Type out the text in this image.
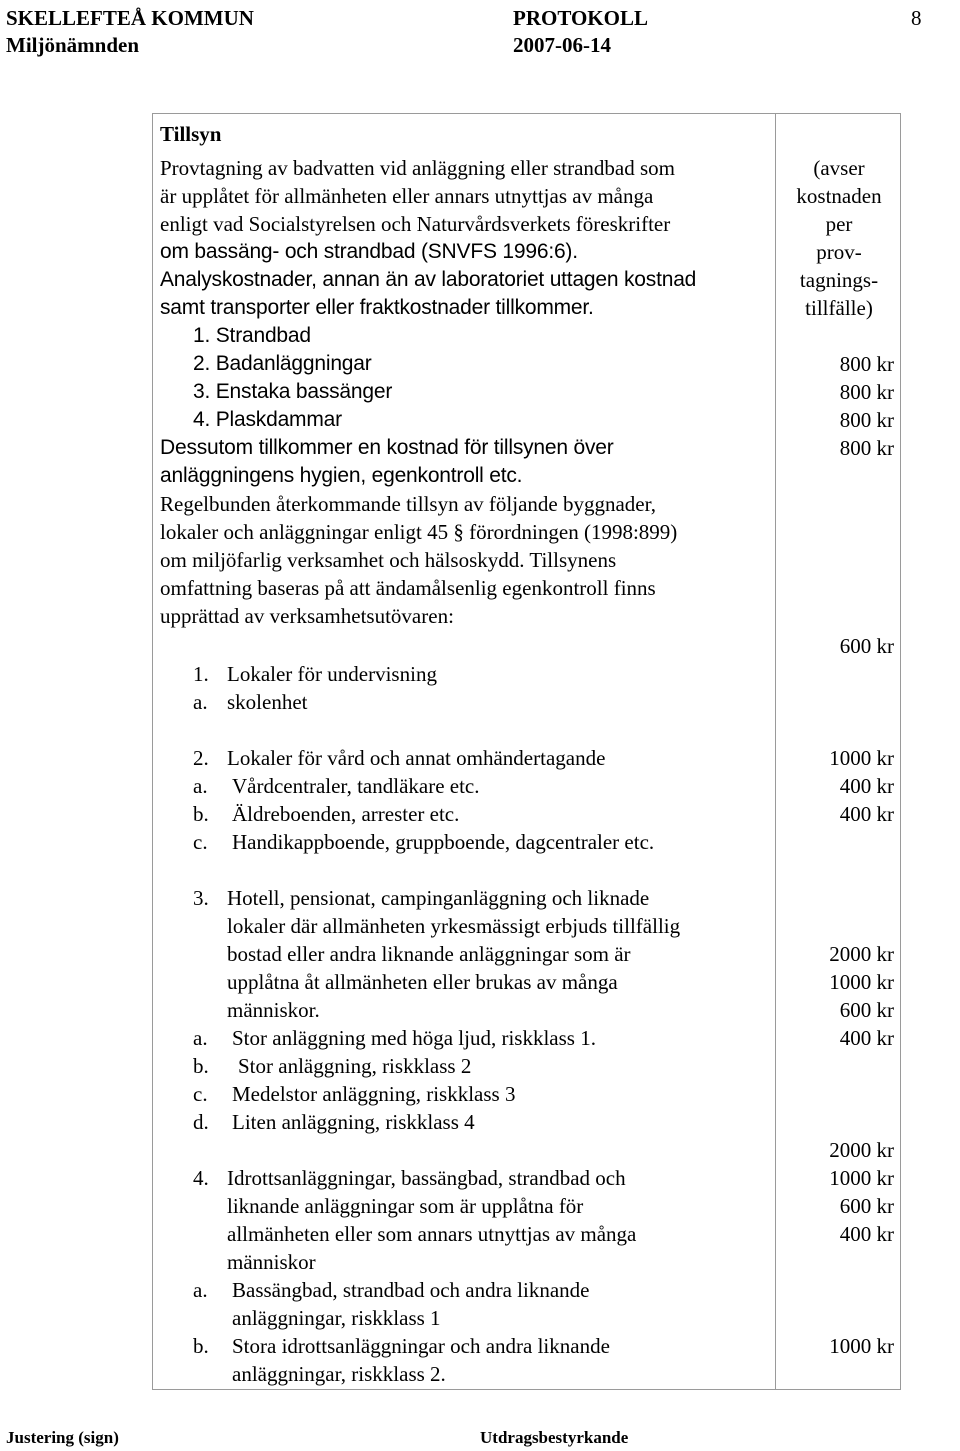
SKELLEFTEÅ KOMMUN
Miljönämnden
PROTOKOLL
2007-06-14
8
Tillsyn
Provtagning av badvatten vid anläggning eller strandbad som
är upplåtet för allmänheten eller annars utnyttjas av många
enligt vad Socialstyrelsen och Naturvårdsverkets föreskrifter
om bassäng- och strandbad (SNVFS 1996:6).
Analyskostnader, annan än av laboratoriet uttagen kostnad
samt transporter eller fraktkostnader tillkommer.
1. Strandbad
2. Badanläggningar
3. Enstaka bassänger
4. Plaskdammar
Dessutom tillkommer en kostnad för tillsynen över
anläggningens hygien, egenkontroll etc.
Regelbunden återkommande tillsyn av följande byggnader,
lokaler och anläggningar enligt 45 § förordningen (1998:899)
om miljöfarlig verksamhet och hälsoskydd. Tillsynens
omfattning baseras på att ändamålsenlig egenkontroll finns
upprättad av verksamhetsutövaren:
1. Lokaler för undervisning
a. skolenhet
2. Lokaler för vård och annat omhändertagande
a. Vårdcentraler, tandläkare etc.
b. Äldreboenden, arrester etc.
c. Handikappboende, gruppboende, dagcentraler etc.
3. Hotell, pensionat, campinganläggning och liknade
lokaler där allmänheten yrkesmässigt erbjuds tillfällig
bostad eller andra liknande anläggningar som är
upplåtna åt allmänheten eller brukas av många
människor.
a. Stor anläggning med höga ljud, riskklass 1.
b. Stor anläggning, riskklass 2
c. Medelstor anläggning, riskklass 3
d. Liten anläggning, riskklass 4
4. Idrottsanläggningar, bassängbad, strandbad och
liknande anläggningar som är upplåtna för
allmänheten eller som annars utnyttjas av många
människor
a. Bassängbad, strandbad och andra liknande
anläggningar, riskklass 1
b. Stora idrottsanläggningar och andra liknande
anläggningar, riskklass 2.
(avser
kostnaden
per
prov-
tagnings-
tillfälle)
800 kr
800 kr
800 kr
800 kr
600 kr
1000 kr
400 kr
400 kr
2000 kr
1000 kr
600 kr
400 kr
2000 kr
1000 kr
600 kr
400 kr
1000 kr
Justering (sign)	Utdragsbestyrkande
